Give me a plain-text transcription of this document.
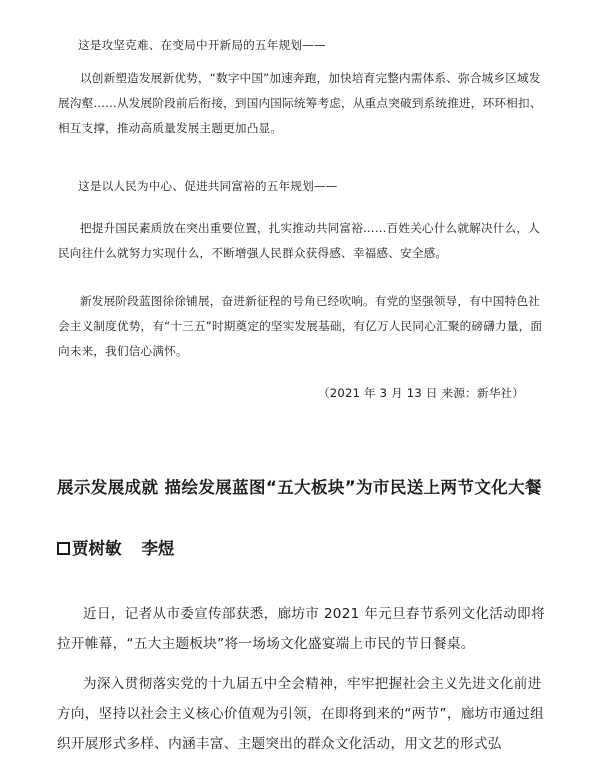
这是攻坚克难、在变局中开新局的五年规划——

以创新塑造发展新优势，“数字中国”加速奔跑，加快培育完整内需体系、弥合城乡区域发展沟壑……从发展阶段前后衔接，到国内国际统筹考虑，从重点突破到系统推进，环环相扣、相互支撑，推动高质量发展主题更加凸显。

这是以人民为中心、促进共同富裕的五年规划——

把提升国民素质放在突出重要位置，扎实推动共同富裕……百姓关心什么就解决什么，人民向往什么就努力实现什么，不断增强人民群众获得感、幸福感、安全感。

新发展阶段蓝图徐徐铺展，奋进新征程的号角已经吹响。有党的坚强领导，有中国特色社会主义制度优势，有“十三五”时期奠定的坚实发展基础，有亿万人民同心汇聚的磅礴力量，面向未来，我们信心满怀。

（2021 年 3 月 13 日 来源：新华社）

展示发展成就 描绘发展蓝图“五大板块”为市民送上两节文化大餐

贾树敏 李煜

近日，记者从市委宣传部获悉，廊坊市 2021 年元旦春节系列文化活动即将拉开帷幕，“五大主题板块”将一场场文化盛宴端上市民的节日餐桌。

为深入贯彻落实党的十九届五中全会精神，牢牢把握社会主义先进文化前进方向，坚持以社会主义核心价值观为引领，在即将到来的“两节”，廊坊市通过组织开展形式多样、内涵丰富、主题突出的群众文化活动，用文艺的形式弘
